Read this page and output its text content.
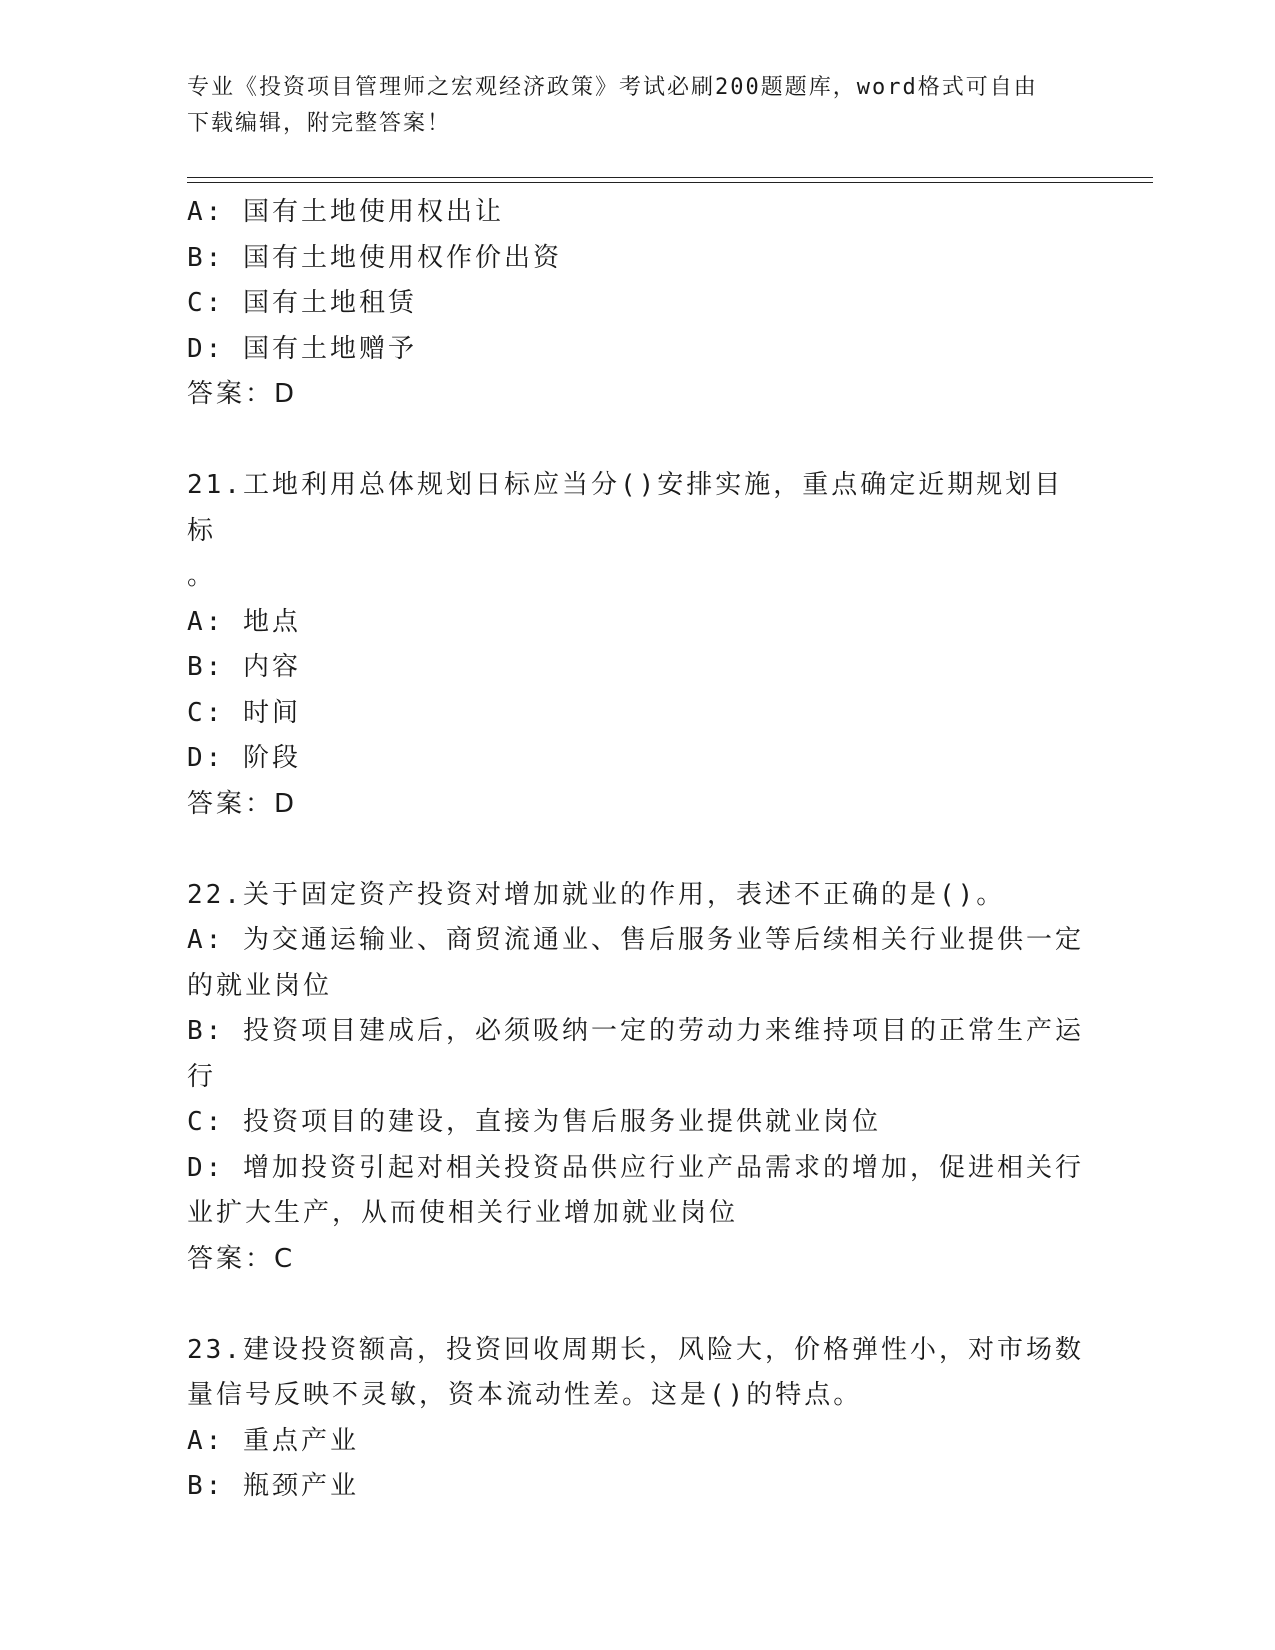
专业《投资项目管理师之宏观经济政策》考试必刷200题题库，word格式可自由
下载编辑，附完整答案！
A: 国有土地使用权出让
B: 国有土地使用权作价出资
C: 国有土地租赁
D: 国有土地赠予
答案：D
21.工地利用总体规划日标应当分()安排实施，重点确定近期规划目标
。
A: 地点
B: 内容
C: 时间
D: 阶段
答案：D
22.关于固定资产投资对增加就业的作用，表述不正确的是()。
A: 为交通运输业、商贸流通业、售后服务业等后续相关行业提供一定
的就业岗位
B: 投资项目建成后，必须吸纳一定的劳动力来维持项目的正常生产运
行
C: 投资项目的建设，直接为售后服务业提供就业岗位
D: 增加投资引起对相关投资品供应行业产品需求的增加，促进相关行
业扩大生产，从而使相关行业增加就业岗位
答案：C
23.建设投资额高，投资回收周期长，风险大，价格弹性小，对市场数
量信号反映不灵敏，资本流动性差。这是()的特点。
A: 重点产业
B: 瓶颈产业
